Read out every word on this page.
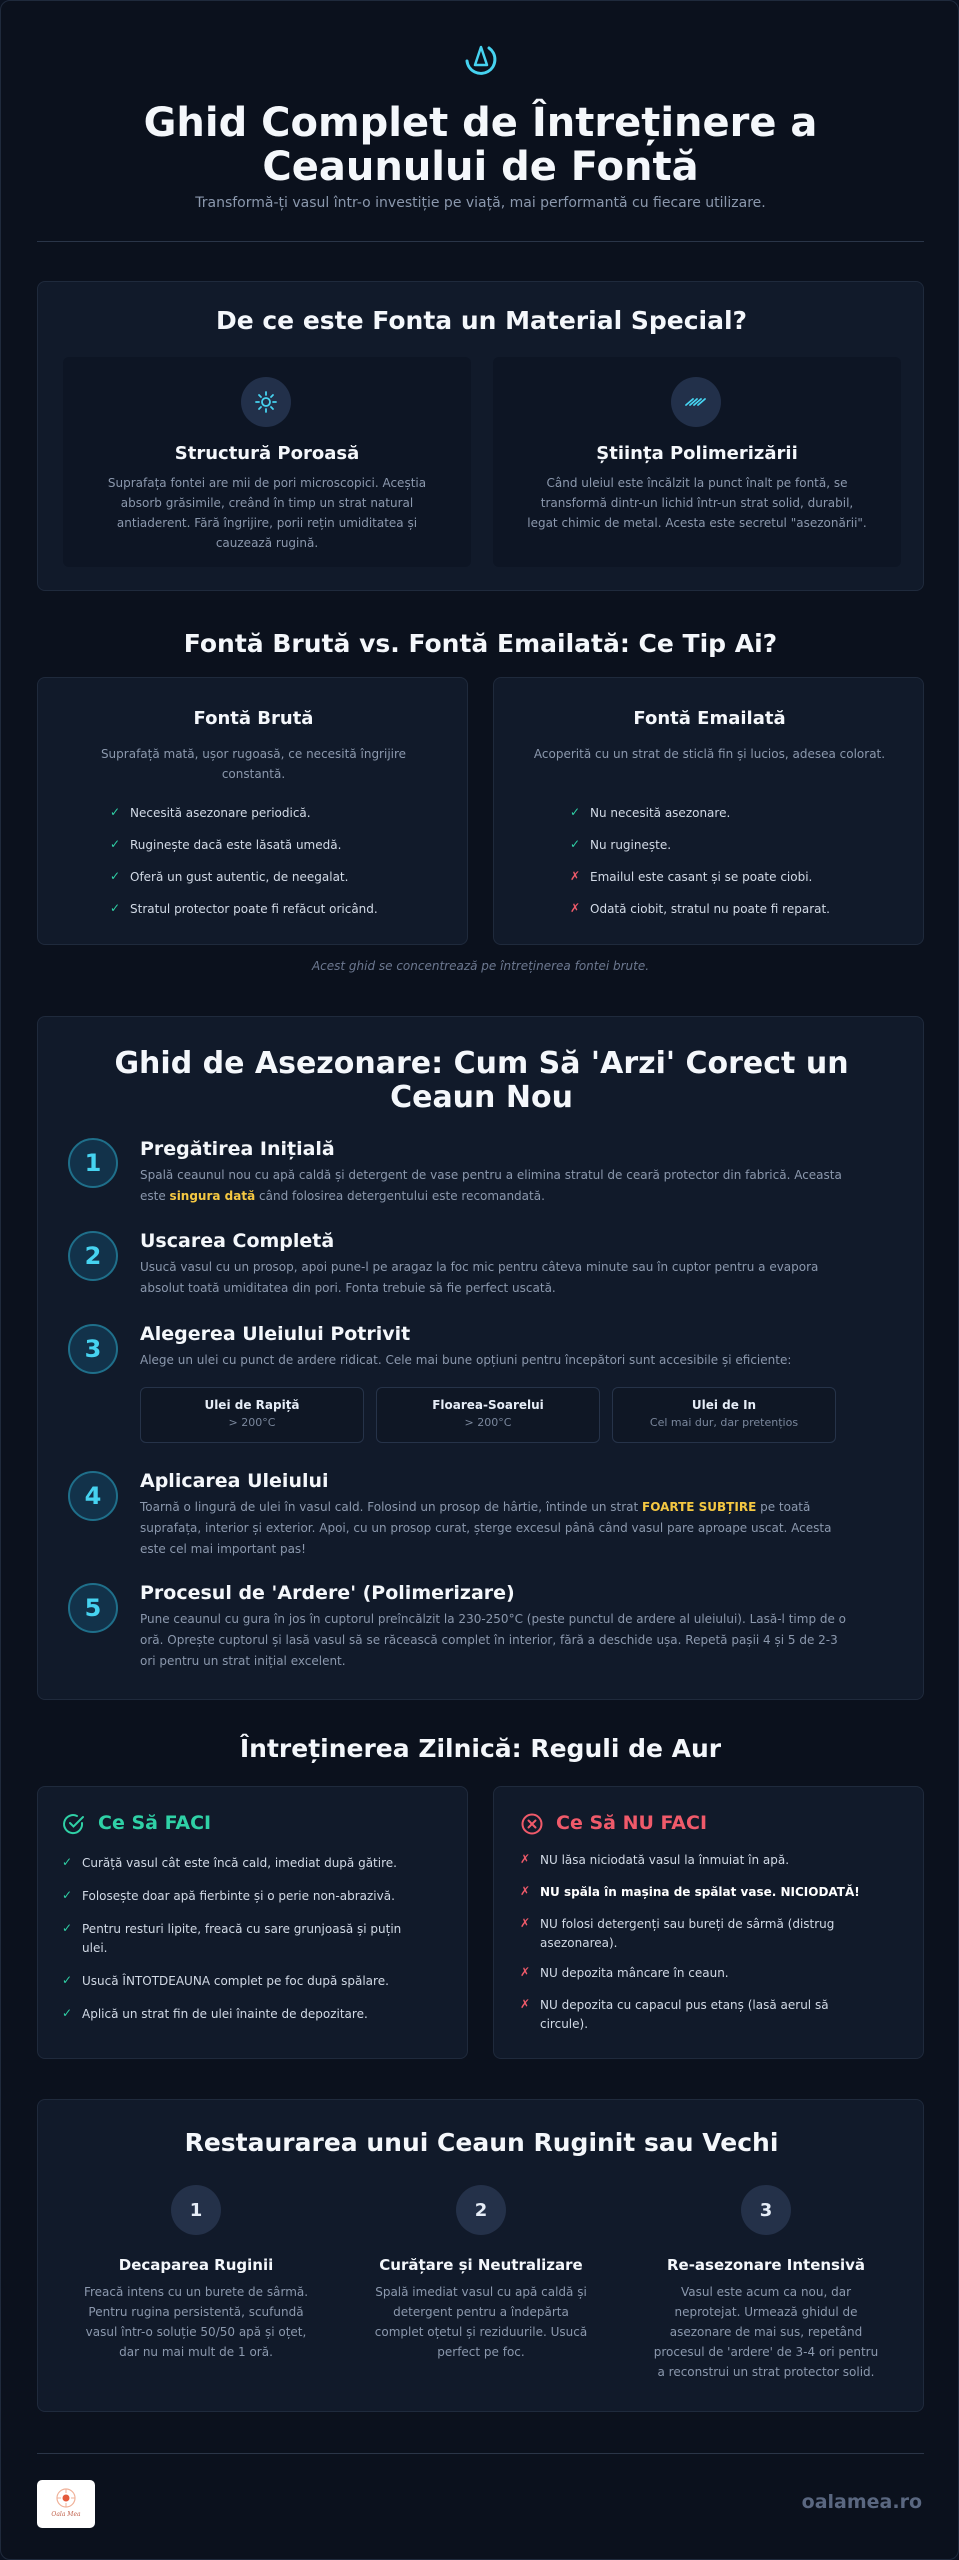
Ghid Complet de Întreținere a Ceaunului de Fontă
Transformă-ți vasul într-o investiție pe viață, mai performantă cu fiecare utilizare.
De ce este Fonta un Material Special?
Structură Poroasă
Suprafața fontei are mii de pori microscopici. Aceștia
absorb grăsimile, creând în timp un strat natural
antiaderent. Fără îngrijire, porii rețin umiditatea și
cauzează rugină.
Știința Polimerizării
Când uleiul este încălzit la punct înalt pe fontă, se
transformă dintr-un lichid într-un strat solid, durabil,
legat chimic de metal. Acesta este secretul "asezonării".
Fontă Brută vs. Fontă Emailată: Ce Tip Ai?
Fontă Brută
Suprafață mată, ușor rugoasă, ce necesită îngrijire
constantă.
✓ Necesită asezonare periodică.
✓ Ruginește dacă este lăsată umedă.
✓ Oferă un gust autentic, de neegalat.
✓ Stratul protector poate fi refăcut oricând.
Fontă Emailată
Acoperită cu un strat de sticlă fin și lucios, adesea colorat.
✓ Nu necesită asezonare.
✓ Nu ruginește.
✗ Emailul este casant și se poate ciobi.
✗ Odată ciobit, stratul nu poate fi reparat.
Acest ghid se concentrează pe întreținerea fontei brute.
Ghid de Asezonare: Cum Să 'Arzi' Corect un Ceaun Nou
1	Pregătirea Inițială
Spală ceaunul nou cu apă caldă și detergent de vase pentru a elimina stratul de ceară protector din fabrică. Aceasta
este singura dată când folosirea detergentului este recomandată.
2
Uscarea Completă
Usucă vasul cu un prosop, apoi pune-l pe aragaz la foc mic pentru câteva minute sau în cuptor pentru a evapora
absolut toată umiditatea din pori. Fonta trebuie să fie perfect uscată.
3
Alegerea Uleiului Potrivit
Alege un ulei cu punct de ardere ridicat. Cele mai bune opțiuni pentru începători sunt accesibile și eficiente:
Ulei de Rapiță
> 200°C
Floarea-Soarelui
> 200°C
Ulei de In
Cel mai dur, dar pretențios
4
Aplicarea Uleiului
Toarnă o lingură de ulei în vasul cald. Folosind un prosop de hârtie, întinde un strat FOARTE SUBȚIRE pe toată
suprafața, interior și exterior. Apoi, cu un prosop curat, șterge excesul până când vasul pare aproape uscat. Acesta
este cel mai important pas!
5
Procesul de 'Ardere' (Polimerizare)
Pune ceaunul cu gura în jos în cuptorul preîncălzit la 230-250°C (peste punctul de ardere al uleiului). Lasă-l timp de o
oră. Oprește cuptorul și lasă vasul să se răcească complet în interior, fără a deschide ușa. Repetă pașii 4 și 5 de 2-3
ori pentru un strat inițial excelent.
Întreținerea Zilnică: Reguli de Aur
Ce Să FACI
✓ Curăță vasul cât este încă cald, imediat după gătire.
✓ Folosește doar apă fierbinte și o perie non-abrazivă.
✓ Pentru resturi lipite, freacă cu sare grunjoasă și puțin
ulei.
✓ Usucă ÎNTOTDEAUNA complet pe foc după spălare.
✓ Aplică un strat fin de ulei înainte de depozitare.
Ce Să NU FACI
✗ NU lăsa niciodată vasul la înmuiat în apă.
✗ NU spăla în mașina de spălat vase. NICIODATĂ!
✗ NU folosi detergenți sau bureți de sârmă (distrug
asezonarea).
✗ NU depozita mâncare în ceaun.
✗ NU depozita cu capacul pus etanș (lasă aerul să
circule).
Restaurarea unui Ceaun Ruginit sau Vechi
1
Decaparea Ruginii
Freacă intens cu un burete de sârmă.
Pentru rugina persistentă, scufundă
vasul într-o soluție 50/50 apă și oțet,
dar nu mai mult de 1 oră.
2
Curățare și Neutralizare
Spală imediat vasul cu apă caldă și
detergent pentru a îndepărta
complet oțetul și reziduurile. Usucă
perfect pe foc.
3
Re-asezonare Intensivă
Vasul este acum ca nou, dar
neprotejat. Urmează ghidul de
asezonare de mai sus, repetând
procesul de 'ardere' de 3-4 ori pentru
a reconstrui un strat protector solid.
Oala Mea
oalamea.ro
